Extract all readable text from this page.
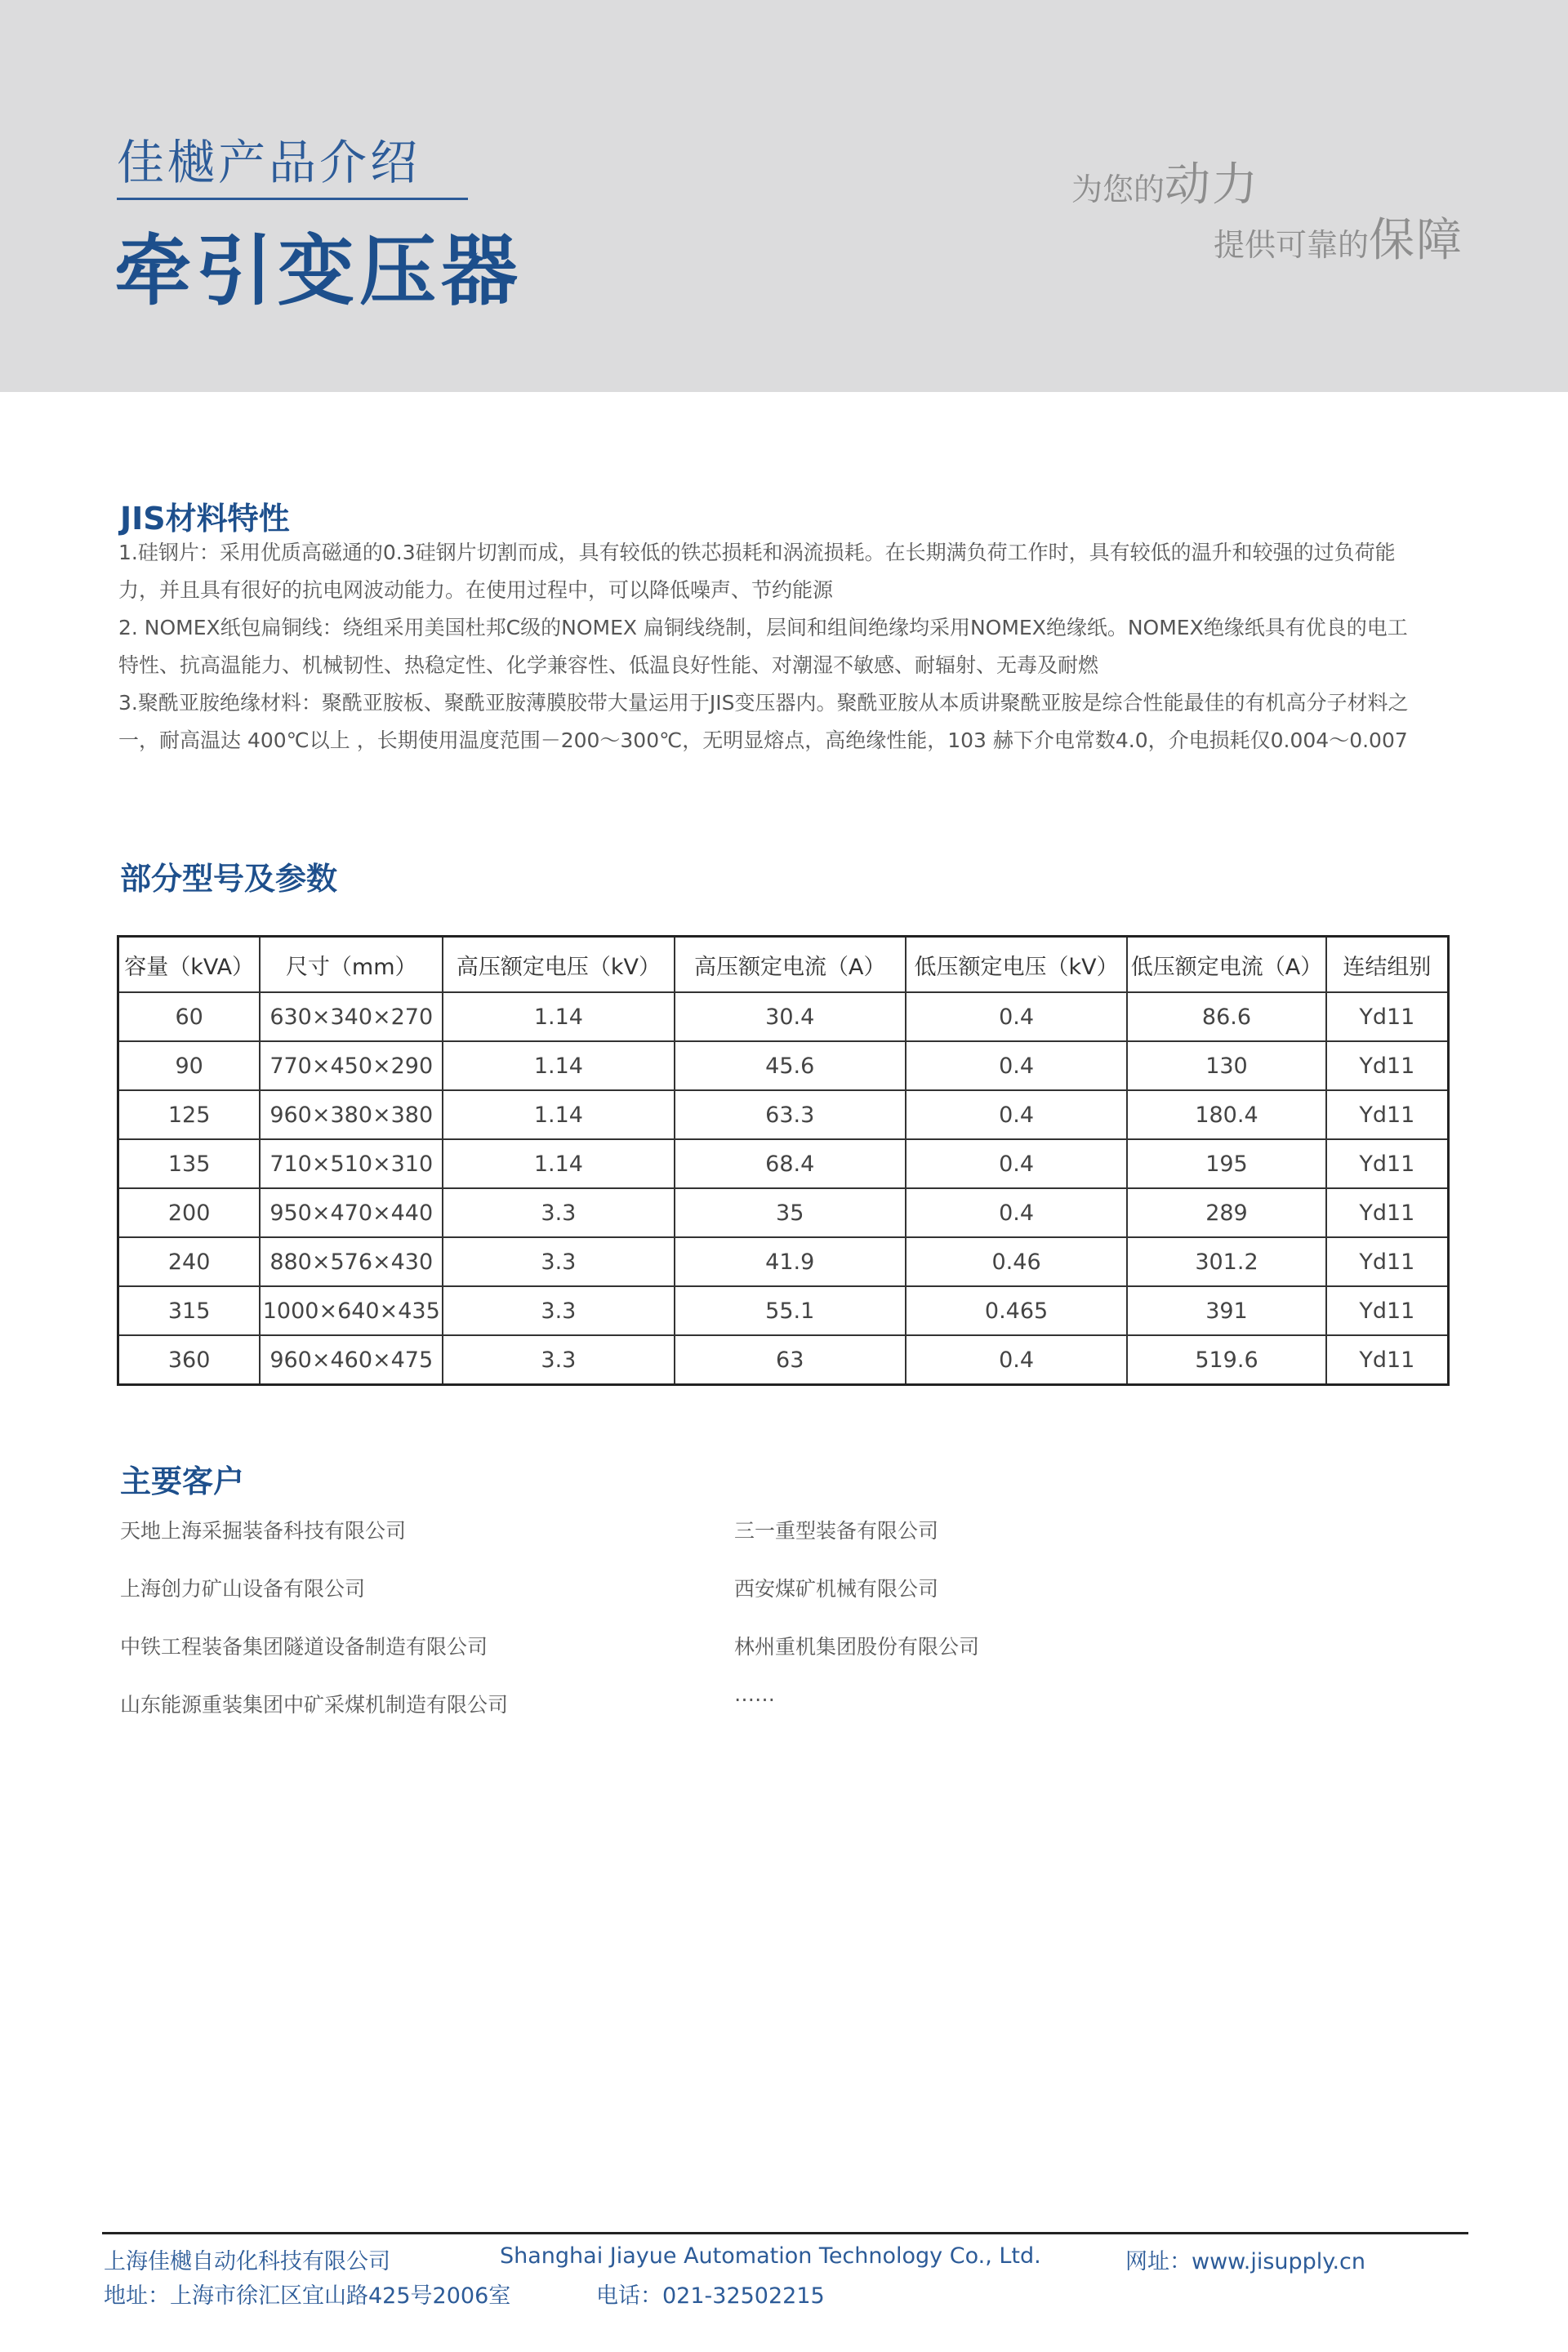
佳樾产品介绍
牵引变压器
为您的动力
提供可靠的保障
JIS材料特性

1.硅钢片：采用优质高磁通的0.3硅钢片切割而成，具有较低的铁芯损耗和涡流损耗。在长期满负荷工作时，具有较低的温升和较强的过负荷能力，并且具有很好的抗电网波动能力。在使用过程中，可以降低噪声、节约能源

2. NOMEX纸包扁铜线：绕组采用美国杜邦C级的NOMEX 扁铜线绕制，层间和组间绝缘均采用NOMEX绝缘纸。NOMEX绝缘纸具有优良的电工特性、抗高温能力、机械韧性、热稳定性、化学兼容性、低温良好性能、对潮湿不敏感、耐辐射、无毒及耐燃

3.聚酰亚胺绝缘材料：聚酰亚胺板、聚酰亚胺薄膜胶带大量运用于JIS变压器内。聚酰亚胺从本质讲聚酰亚胺是综合性能最佳的有机高分子材料之一，耐高温达 400℃以上 ，长期使用温度范围－200～300℃，无明显熔点，高绝缘性能，103 赫下介电常数4.0，介电损耗仅0.004～0.007

部分型号及参数
容量（kVA）	尺寸（mm）	高压额定电压（kV）	高压额定电流（A）	低压额定电压（kV）	低压额定电流（A）	连结组别
60	630×340×270	1.14	30.4	0.4	86.6	Yd11
90	770×450×290	1.14	45.6	0.4	130	Yd11
125	960×380×380	1.14	63.3	0.4	180.4	Yd11
135	710×510×310	1.14	68.4	0.4	195	Yd11
200	950×470×440	3.3	35	0.4	289	Yd11
240	880×576×430	3.3	41.9	0.46	301.2	Yd11
315	1000×640×435	3.3	55.1	0.465	391	Yd11
360	960×460×475	3.3	63	0.4	519.6	Yd11
主要客户
天地上海采掘装备科技有限公司
上海创力矿山设备有限公司
中铁工程装备集团隧道设备制造有限公司
山东能源重装集团中矿采煤机制造有限公司
三一重型装备有限公司
西安煤矿机械有限公司
林州重机集团股份有限公司
……
上海佳樾自动化科技有限公司	Shanghai Jiayue Automation Technology Co., Ltd.	网址：www.jisupply.cn
地址：上海市徐汇区宜山路425号2006室	电话：021-32502215
